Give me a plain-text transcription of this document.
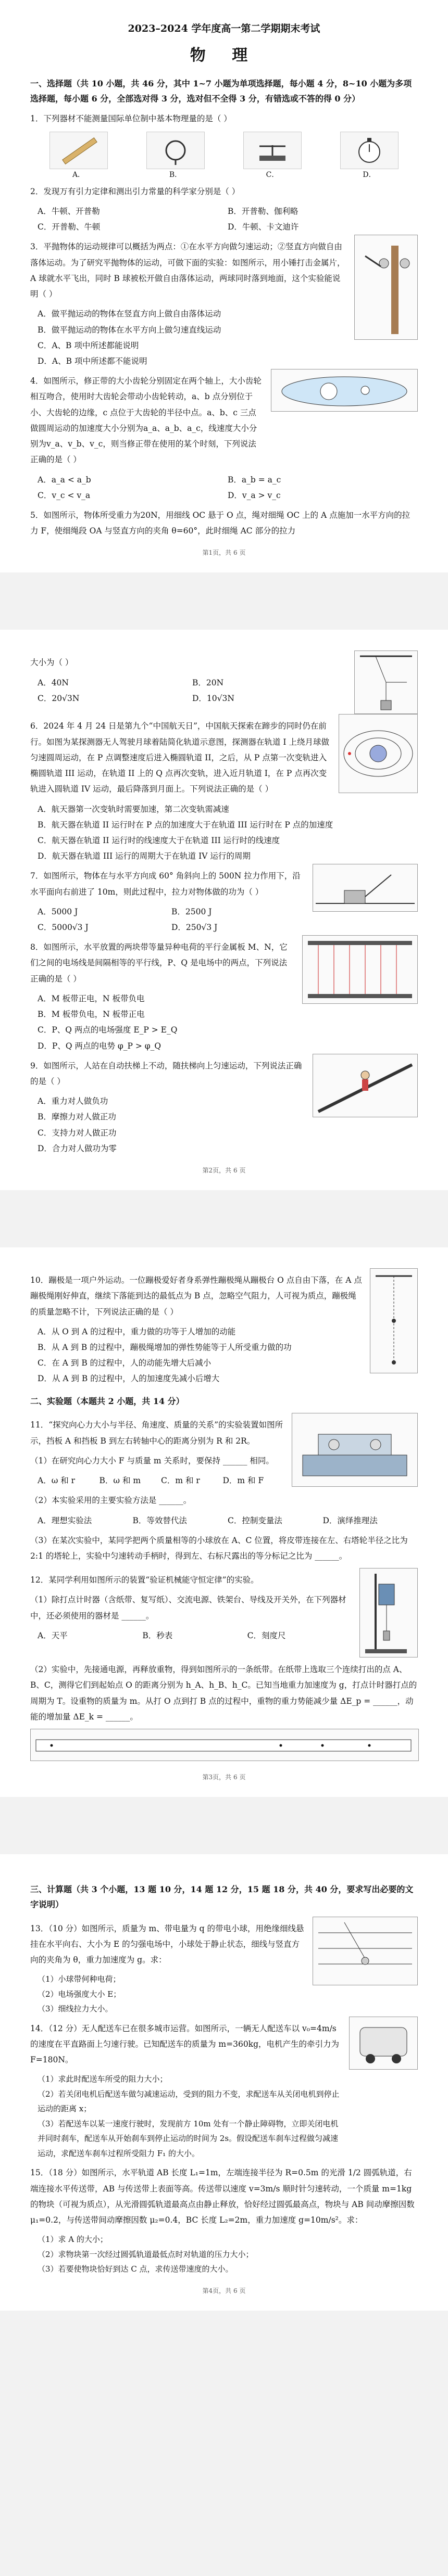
2023–2024 学年度高一第二学期期末考试
物 理
一、选择题（共 10 小题，共 46 分，其中 1~7 小题为单项选择题，每小题 4 分，8~10 小题为多项选择题，每小题 6 分，全部选对得 3 分，选对但不全得 3 分，有错选或不答的得 0 分）
1．下列器材不能测量国际单位制中基本物理量的是（ ）
A．	B．	C．	D．
2．发现万有引力定律和测出引力常量的科学家分别是（ ）
A．牛顿、开普勒	B．开普勒、伽利略
C．开普勒、牛顿	D．牛顿、卡文迪许
3．平抛物体的运动规律可以概括为两点：①在水平方向做匀速运动；②竖直方向做自由落体运动。为了研究平抛物体的运动，可做下面的实验：如图所示，用小锤打击金属片，A 球就水平飞出，同时 B 球被松开做自由落体运动，两球同时落到地面，这个实验能说明（ ）
A．做平抛运动的物体在竖直方向上做自由落体运动
B．做平抛运动的物体在水平方向上做匀速直线运动
C．A、B 项中所述都能说明
D．A、B 项中所述都不能说明
4．如图所示，修正带的大小齿轮分别固定在两个轴上，大小齿轮相互吻合，使用时大齿轮会带动小齿轮转动，a、b 点分别位于小、大齿轮的边缘，c 点位于大齿轮的半径中点。a、b、c 三点做圆周运动的加速度大小分别为a_a、a_b、a_c，线速度大小分别为v_a、v_b、v_c，则当修正带在使用的某个时刻，下列说法正确的是（ ）
A．a_a < a_b	B．a_b = a_c
C．v_c < v_a	D．v_a > v_c
5．如图所示，物体所受重力为20N，用细线 OC 悬于 O 点，绳对细绳 OC 上的 A 点施加一水平方向的拉力 F，使细绳段 OA 与竖直方向的夹角 θ=60°，此时细绳 AC 部分的拉力
第1页，共 6 页
大小为（ ）
A．40N	B．20N
C．20√3N	D．10√3N
6．2024 年 4 月 24 日是第九个“中国航天日”，中国航天探索在蹄步的同时仍在前行。如图为某探测器无人驾驶月球着陆简化轨道示意图，探测器在轨道 I 上绕月球做匀速圆周运动，在 P 点调整速度后进入椭圆轨道 II，之后，从 P 点第一次变轨进入椭圆轨道 III 运动，在轨道 II 上的 Q 点再次变轨，进入近月轨道 I，在 P 点再次变轨进入圆轨道 IV 运动，最后降落到月面上。下列说法正确的是（ ）
A．航天器第一次变轨时需要加速，第二次变轨需减速
B．航天器在轨道 II 运行时在 P 点的加速度大于在轨道 III 运行时在 P 点的加速度
C．航天器在轨道 II 运行时的线速度大于在轨道 III 运行时的线速度
D．航天器在轨道 III 运行的周期大于在轨道 IV 运行的周期
7．如图所示，物体在与水平方向成 60° 角斜向上的 500N 拉力作用下，沿水平面向右前进了 10m，则此过程中，拉力对物体做的功为（ ）
A．5000 J	B．2500 J
C．5000√3 J	D．250√3 J
8．如图所示，水平放置的两块带等量异种电荷的平行金属板 M、N，它们之间的电场线是间隔相等的平行线，P、Q 是电场中的两点，下列说法正确的是（ ）
A．M 板带正电，N 板带负电
B．M 板带负电，N 板带正电
C．P、Q 两点的电场强度 E_P > E_Q
D．P、Q 两点的电势 φ_P > φ_Q
9．如图所示，人站在自动扶梯上不动，随扶梯向上匀速运动，下列说法正确的是（ ）
A．重力对人做负功
B．摩擦力对人做正功
C．支持力对人做正功
D．合力对人做功为零
第2页，共 6 页
10．蹦极是一项户外运动。一位蹦极爱好者身系弹性蹦极绳从蹦极台 O 点自由下落，在 A 点蹦极绳刚好伸直，继续下落能到达的最低点为 B 点，忽略空气阻力，人可视为质点，蹦极绳的质量忽略不计，下列说法正确的是（ ）
A．从 O 到 A 的过程中，重力做的功等于人增加的动能
B．从 A 到 B 的过程中，蹦极绳增加的弹性势能等于人所受重力做的功
C．在 A 到 B 的过程中，人的动能先增大后减小
D．从 A 到 B 的过程中，人的加速度先减小后增大
二、实验题（本题共 2 小题，共 14 分）
11．“探究向心力大小与半径、角速度、质量的关系”的实验装置如图所示，挡板 A 和挡板 B 到左右转轴中心的距离分别为 R 和 2R。
（1）在研究向心力大小 F 与质量 m 关系时，要保持 ______ 相同。
A．ω 和 r	B．ω 和 m	C．m 和 r	D．m 和 F
（2）本实验采用的主要实验方法是 ______。
A．理想实验法	B．等效替代法	C．控制变量法	D．演绎推理法
（3）在某次实验中，某同学把两个质量相等的小球放在 A、C 位置，将皮带连接在左、右塔轮半径之比为 2:1 的塔轮上，实验中匀速转动手柄时，得到左、右标尺露出的等分标记之比为 ______。
12．某同学利用如图所示的装置“验证机械能守恒定律”的实验。
（1）除打点计时器（含纸带、复写纸）、交流电源、铁架台、导线及开关外，在下列器材中，还必须使用的器材是 ______。
A．天平	B．秒表	C．刻度尺
（2）实验中，先接通电源，再释放重物，得到如图所示的一条纸带。在纸带上选取三个连续打出的点 A、B、C，测得它们到起始点 O 的距离分别为 h_A、h_B、h_C。已知当地重力加速度为 g，打点计时器打点的周期为 T。设重物的质量为 m。从打 O 点到打 B 点的过程中，重物的重力势能减少量 ΔE_p = ______，动能的增加量 ΔE_k = ______。
第3页，共 6 页
三、计算题（共 3 个小题，13 题 10 分，14 题 12 分，15 题 18 分，共 40 分，要求写出必要的文字说明）
13．（10 分）如图所示，质量为 m、带电量为 q 的带电小球，用绝缘细线悬挂在水平向右、大小为 E 的匀强电场中，小球处于静止状态，细线与竖直方向的夹角为 θ，重力加速度为 g。求：
（1）小球带何种电荷；
（2）电场强度大小 E；
（3）细线拉力大小。
14．（12 分）无人配送车已在很多城市运营。如图所示，一辆无人配送车以 v₀=4m/s 的速度在平直路面上匀速行驶。已知配送车的质量为 m=360kg，电机产生的牵引力为 F=180N。
（1）求此时配送车所受的阻力大小；
（2）若关闭电机后配送车做匀减速运动，受到的阻力不变，求配送车从关闭电机到停止运动的距离 x；
（3）若配送车以某一速度行驶时，发现前方 10m 处有一个静止障碍物，立即关闭电机并同时刹车，配送车从开始刹车到停止运动的时间为 2s。假设配送车刹车过程做匀减速运动，求配送车刹车过程所受阻力 F₁ 的大小。
15．（18 分）如图所示，水平轨道 AB 长度 L₁=1m，左端连接半径为 R=0.5m 的光滑 1/2 圆弧轨道，右端连接水平传送带，AB 与传送带上表面等高。传送带以速度 v=3m/s 顺时针匀速转动，一个质量 m=1kg 的物块（可视为质点），从光滑圆弧轨道最高点由静止释放，恰好经过圆弧最高点，物块与 AB 间动摩擦因数 μ₁=0.2，与传送带间动摩擦因数 μ₂=0.4，BC 长度 L₂=2m，重力加速度 g=10m/s²。求：
（1）求 A 的大小；
（2）求物块第一次经过圆弧轨道最低点时对轨道的压力大小；
（3）若要使物块恰好到达 C 点，求传送带速度的大小。
第4页，共 6 页
